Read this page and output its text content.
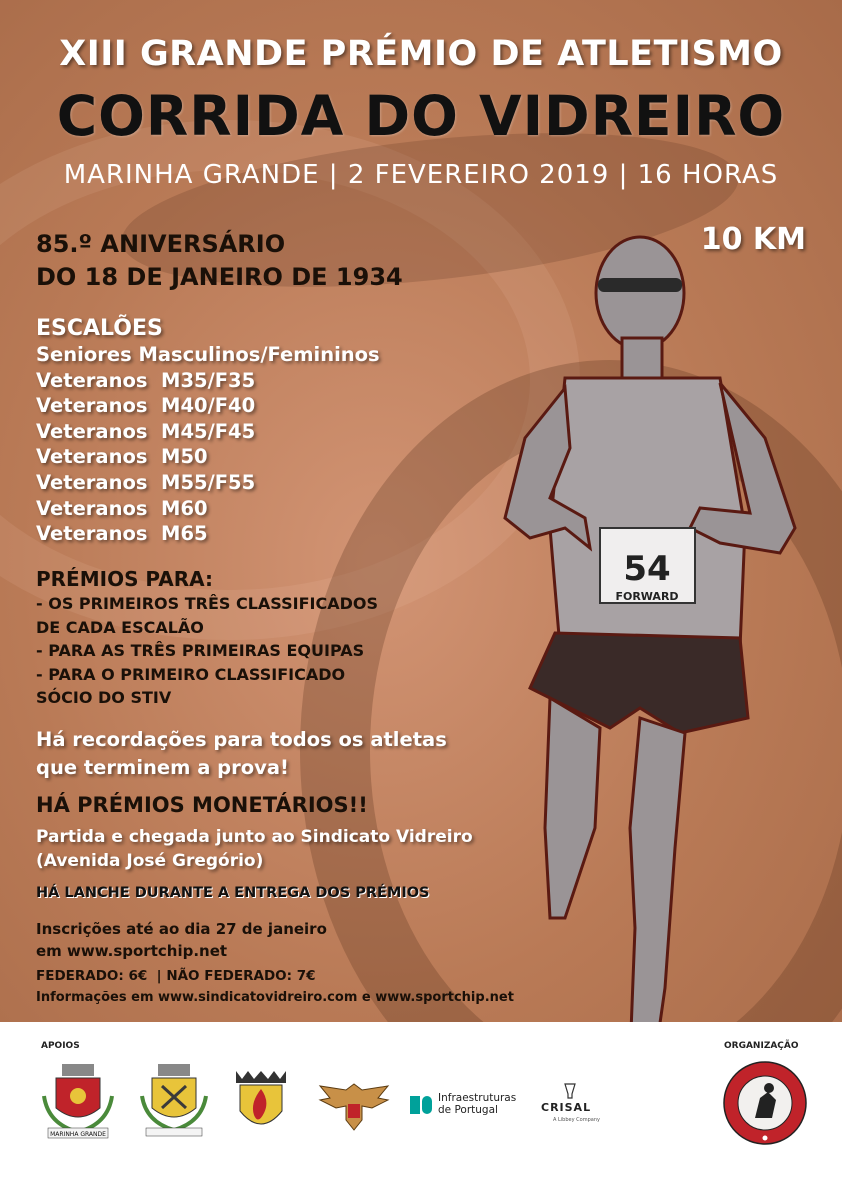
54
FORWARD
XIII GRANDE PRÉMIO DE ATLETISMO
CORRIDA DO VIDREIRO
MARINHA GRANDE | 2 FEVEREIRO 2019 | 16 HORAS
10 KM
85.º ANIVERSÁRIO
DO 18 DE JANEIRO DE 1934
ESCALÕES
Seniores Masculinos/Femininos
Veteranos  M35/F35
Veteranos  M40/F40
Veteranos  M45/F45
Veteranos  M50
Veteranos  M55/F55
Veteranos  M60
Veteranos  M65
PRÉMIOS PARA:
- OS PRIMEIROS TRÊS CLASSIFICADOS
DE CADA ESCALÃO
- PARA AS TRÊS PRIMEIRAS EQUIPAS
- PARA O PRIMEIRO CLASSIFICADO
SÓCIO DO STIV
Há recordações para todos os atletas
que terminem a prova!
HÁ PRÉMIOS MONETÁRIOS!!
Partida e chegada junto ao Sindicato Vidreiro
(Avenida José Gregório)
HÁ LANCHE DURANTE A ENTREGA DOS PRÉMIOS
Inscrições até ao dia 27 de janeiro
em www.sportchip.net
FEDERADO: 6€  | NÃO FEDERADO: 7€
Informações em www.sindicatovidreiro.com e www.sportchip.net
APOIOS	ORGANIZAÇÃO
MARINHA GRANDE
Infraestruturas
de Portugal	CRISAL
A Libbey Company
